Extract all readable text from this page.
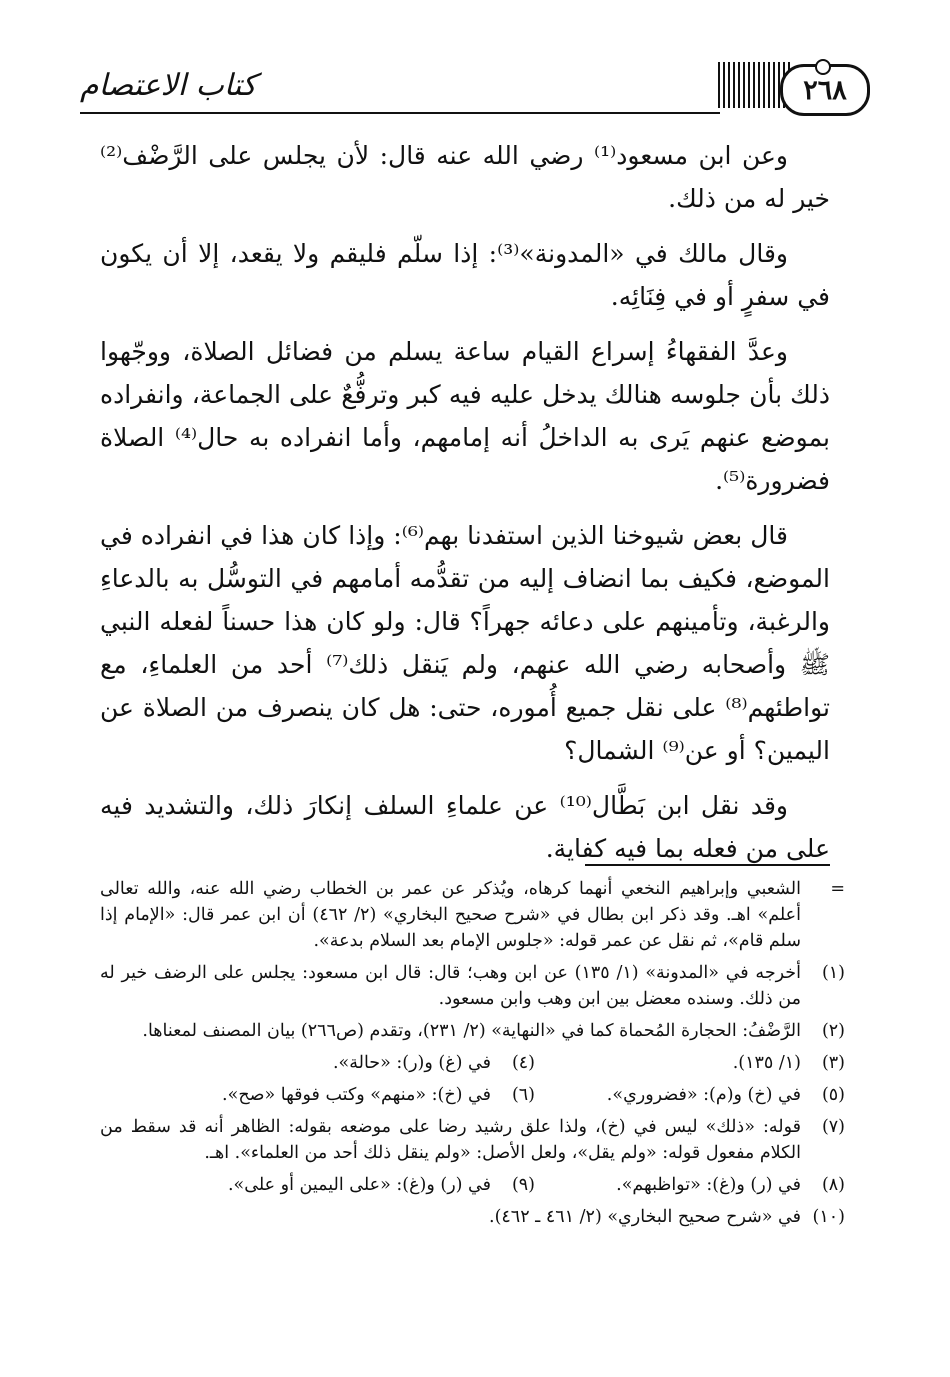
كتاب الاعتصام	٢٦٨

وعن ابن مسعود⁽¹⁾ رضي الله عنه قال: لأن يجلس على الرَّضْف⁽²⁾ خير له من ذلك.

وقال مالك في «المدونة»⁽³⁾: إذا سلّم فليقم ولا يقعد، إلا أن يكون في سفرٍ أو في فِنَائِه.

وعدَّ الفقهاءُ إسراع القيام ساعة يسلم من فضائل الصلاة، ووجّهوا ذلك بأن جلوسه هنالك يدخل عليه فيه كبر وترفُّعٌ على الجماعة، وانفراده بموضع عنهم يَرى به الداخلُ أنه إمامهم، وأما انفراده به حال⁽⁴⁾ الصلاة فضرورة⁽⁵⁾.

قال بعض شيوخنا الذين استفدنا بهم⁽⁶⁾: وإذا كان هذا في انفراده في الموضع، فكيف بما انضاف إليه من تقدُّمه أمامهم في التوسُّل به بالدعاءِ والرغبة، وتأمينهم على دعائه جهراً؟ قال: ولو كان هذا حسناً لفعله النبي ﷺ وأصحابه رضي الله عنهم، ولم يَنقل ذلك⁽⁷⁾ أحد من العلماءِ، مع تواطئهم⁽⁸⁾ على نقل جميع أُموره، حتى: هل كان ينصرف من الصلاة عن اليمين؟ أو عن⁽⁹⁾ الشمال؟

وقد نقل ابن بَطَّال⁽¹⁰⁾ عن علماءِ السلف إنكارَ ذلك، والتشديد فيه على من فعله بما فيه كفاية.

=
الشعبي وإبراهيم النخعي أنهما كرهاه، ويُذكر عن عمر بن الخطاب رضي الله عنه، والله تعالى أعلم» اهـ. وقد ذكر ابن بطال في «شرح صحيح البخاري» (٢/ ٤٦٢) أن ابن عمر قال: «الإمام إذا سلم قام»، ثم نقل عن عمر قوله: «جلوس الإمام بعد السلام بدعة».
(١)
أخرجه في «المدونة» (١/ ١٣٥) عن ابن وهب؛ قال: قال ابن مسعود: يجلس على الرضف خير له من ذلك. وسنده معضل بين ابن وهب وابن مسعود.
(٢)
الرَّضْفُ: الحجارة المُحماة كما في «النهاية» (٢/ ٢٣١)، وتقدم (ص٢٦٦) بيان المصنف لمعناها.
(٣)
(١/ ١٣٥).
(٤)
في (غ) و(ر): «حالة».
(٥)
في (خ) و(م): «فضروري».
(٦)
في (خ): «منهم» وكتب فوقها «صح».
(٧)
قوله: «ذلك» ليس في (خ)، ولذا علق رشيد رضا على موضعه بقوله: الظاهر أنه قد سقط من الكلام مفعول قوله: «ولم يقل»، ولعل الأصل: «ولم ينقل ذلك أحد من العلماء». اهـ.
(٨)
في (ر) و(غ): «تواظبهم».
(٩)
في (ر) و(غ): «على اليمين أو على».
(١٠)
في «شرح صحيح البخاري» (٢/ ٤٦١ ـ ٤٦٢).
